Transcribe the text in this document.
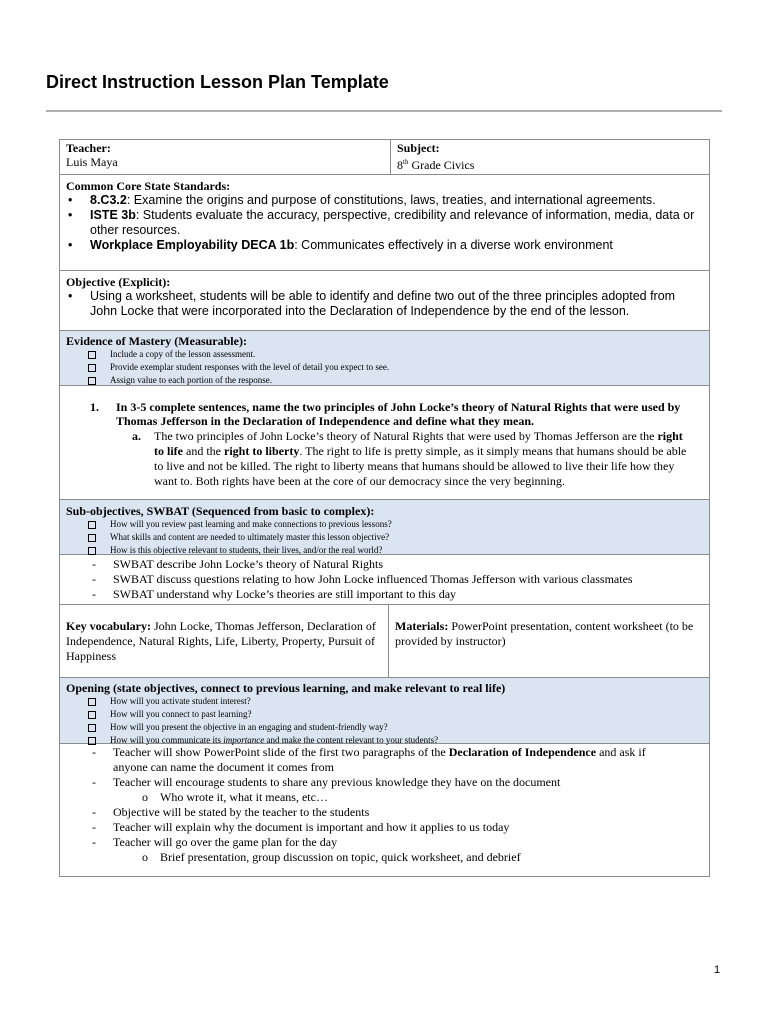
Direct Instruction Lesson Plan Template
Teacher:
Luis Maya
Subject:
8th Grade Civics
Common Core State Standards:
• 8.C3.2: Examine the origins and purpose of constitutions, laws, treaties, and international agreements.
• ISTE 3b: Students evaluate the accuracy, perspective, credibility and relevance of information, media, data or other resources.
• Workplace Employability DECA 1b: Communicates effectively in a diverse work environment
Objective (Explicit):
• Using a worksheet, students will be able to identify and define two out of the three principles adopted from John Locke that were incorporated into the Declaration of Independence by the end of the lesson.
Evidence of Mastery (Measurable):
Include a copy of the lesson assessment.
Provide exemplar student responses with the level of detail you expect to see.
Assign value to each portion of the response.
1. In 3-5 complete sentences, name the two principles of John Locke’s theory of Natural Rights that were used by Thomas Jefferson in the Declaration of Independence and define what they mean.
a. The two principles of John Locke’s theory of Natural Rights that were used by Thomas Jefferson are the right to life and the right to liberty. The right to life is pretty simple, as it simply means that humans should be able to live and not be killed. The right to liberty means that humans should be allowed to live their life how they want to. Both rights have been at the core of our democracy since the very beginning.
Sub-objectives, SWBAT (Sequenced from basic to complex):
How will you review past learning and make connections to previous lessons?
What skills and content are needed to ultimately master this lesson objective?
How is this objective relevant to students, their lives, and/or the real world?
- SWBAT describe John Locke’s theory of Natural Rights
- SWBAT discuss questions relating to how John Locke influenced Thomas Jefferson with various classmates
- SWBAT understand why Locke’s theories are still important to this day
Key vocabulary: John Locke, Thomas Jefferson, Declaration of Independence, Natural Rights, Life, Liberty, Property, Pursuit of Happiness
Materials: PowerPoint presentation, content worksheet (to be provided by instructor)
Opening (state objectives, connect to previous learning, and make relevant to real life)
How will you activate student interest?
How will you connect to past learning?
How will you present the objective in an engaging and student-friendly way?
How will you communicate its importance and make the content relevant to your students?
- Teacher will show PowerPoint slide of the first two paragraphs of the Declaration of Independence and ask if anyone can name the document it comes from
- Teacher will encourage students to share any previous knowledge they have on the document
o Who wrote it, what it means, etc…
- Objective will be stated by the teacher to the students
- Teacher will explain why the document is important and how it applies to us today
- Teacher will go over the game plan for the day
o Brief presentation, group discussion on topic, quick worksheet, and debrief
1
